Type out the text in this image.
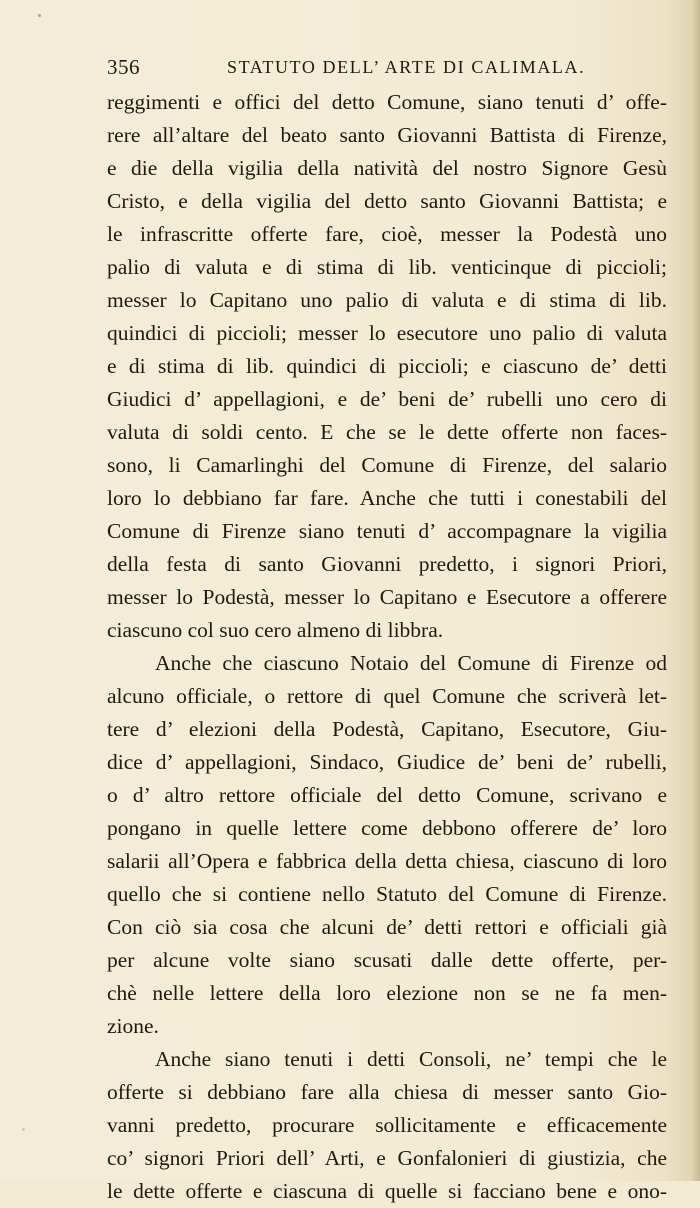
356	STATUTO DELL’ ARTE DI CALIMALA.
reggimenti e offici del detto Comune, siano tenuti d’ offe-
rere all’altare del beato santo Giovanni Battista di Firenze,
e die della vigilia della natività del nostro Signore Gesù
Cristo, e della vigilia del detto santo Giovanni Battista; e
le infrascritte offerte fare, cioè, messer la Podestà uno
palio di valuta e di stima di lib. venticinque di piccioli;
messer lo Capitano uno palio di valuta e di stima di lib.
quindici di piccioli; messer lo esecutore uno palio di valuta
e di stima di lib. quindici di piccioli; e ciascuno de’ detti
Giudici d’ appellagioni, e de’ beni de’ rubelli uno cero di
valuta di soldi cento. E che se le dette offerte non faces-
sono, li Camarlinghi del Comune di Firenze, del salario
loro lo debbiano far fare. Anche che tutti i conestabili del
Comune di Firenze siano tenuti d’ accompagnare la vigilia
della festa di santo Giovanni predetto, i signori Priori,
messer lo Podestà, messer lo Capitano e Esecutore a offerere
ciascuno col suo cero almeno di libbra.
Anche che ciascuno Notaio del Comune di Firenze od
alcuno officiale, o rettore di quel Comune che scriverà let-
tere d’ elezioni della Podestà, Capitano, Esecutore, Giu-
dice d’ appellagioni, Sindaco, Giudice de’ beni de’ rubelli,
o d’ altro rettore officiale del detto Comune, scrivano e
pongano in quelle lettere come debbono offerere de’ loro
salarii all’Opera e fabbrica della detta chiesa, ciascuno di loro
quello che si contiene nello Statuto del Comune di Firenze.
Con ciò sia cosa che alcuni de’ detti rettori e officiali già
per alcune volte siano scusati dalle dette offerte, per-
chè nelle lettere della loro elezione non se ne fa men-
zione.
Anche siano tenuti i detti Consoli, ne’ tempi che le
offerte si debbiano fare alla chiesa di messer santo Gio-
vanni predetto, procurare sollicitamente e efficacemente
co’ signori Priori dell’ Arti, e Gonfalonieri di giustizia, che
le dette offerte e ciascuna di quelle si facciano bene e ono-
